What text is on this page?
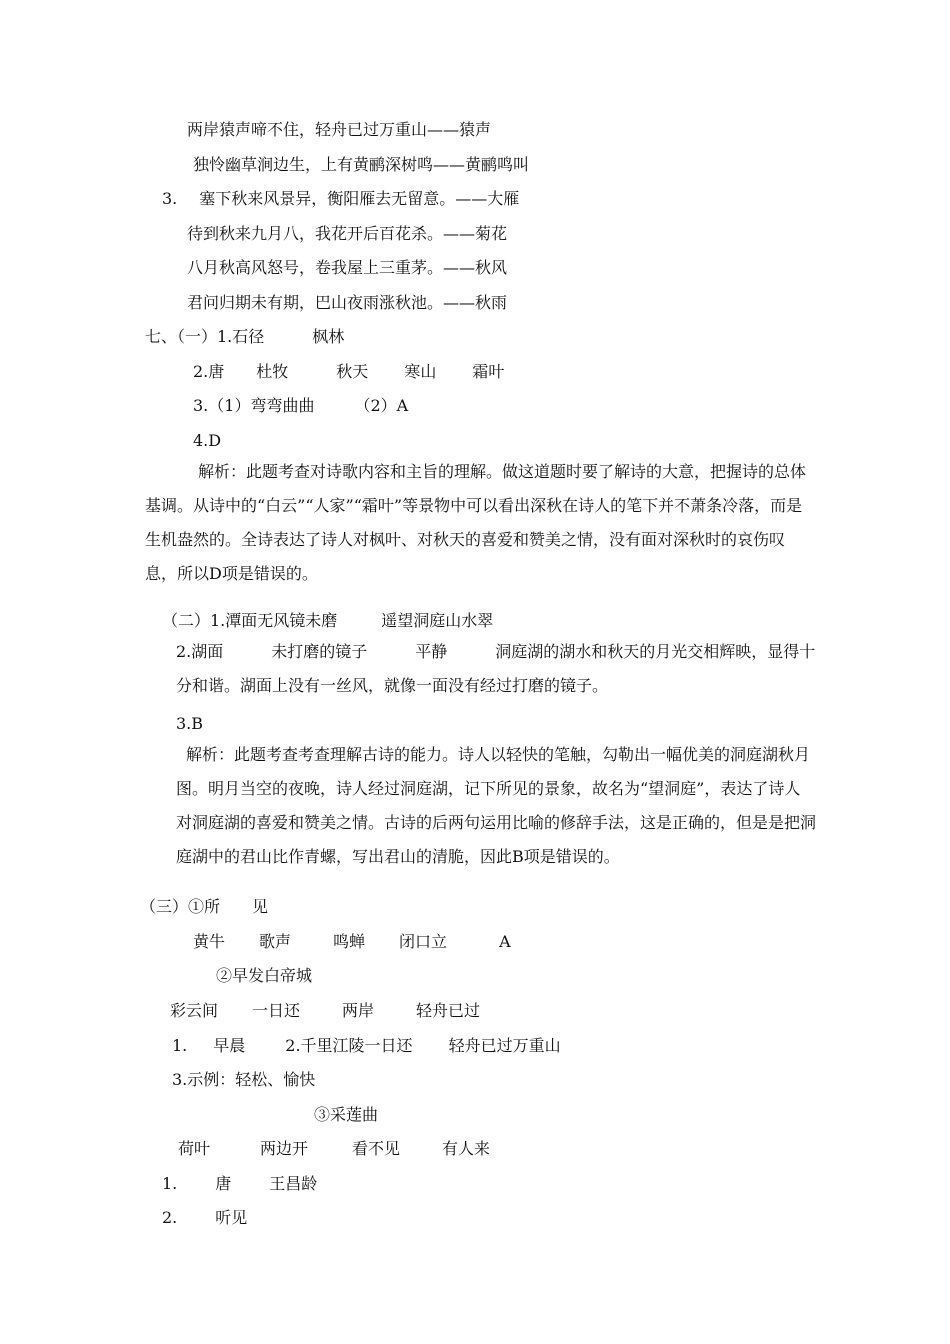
两岸猿声啼不住，轻舟已过万重山——猿声
独怜幽草涧边生，上有黄鹂深树鸣——黄鹂鸣叫
3. 塞下秋来风景异，衡阳雁去无留意。——大雁
待到秋来九月八，我花开后百花杀。——菊花
八月秋高风怒号，卷我屋上三重茅。——秋风
君问归期未有期，巴山夜雨涨秋池。——秋雨
七、（一）1.石径	枫林
2.唐 杜牧	秋天 寒山 霜叶
3.（1）弯弯曲曲	（2）A
4.D
解析：此题考查对诗歌内容和主旨的理解。做这道题时要了解诗的大意，把握诗的总体基调。从诗中的“白云”“人家”“霜叶”等景物中可以看出深秋在诗人的笔下并不萧条冷落，而是生机盎然的。全诗表达了诗人对枫叶、对秋天的喜爱和赞美之情，没有面对深秋时的哀伤叹息，所以D项是错误的。
（二）1.潭面无风镜未磨	遥望洞庭山水翠
2.湖面　　　未打磨的镜子　　　平静　　　洞庭湖的湖水和秋天的月光交相辉映，显得十分和谐。湖面上没有一丝风，就像一面没有经过打磨的镜子。
3.B
解析：此题考查考查理解古诗的能力。诗人以轻快的笔触，勾勒出一幅优美的洞庭湖秋月图。明月当空的夜晚，诗人经过洞庭湖，记下所见的景象，故名为“望洞庭”，表达了诗人对洞庭湖的喜爱和赞美之情。古诗的后两句运用比喻的修辞手法，这是正确的，但是是把洞庭湖中的君山比作青螺，写出君山的清脆，因此B项是错误的。
（三）①所　　见
黄牛 歌声	鸣蝉 闭口立	A
②早发白帝城
彩云间 一日还	两岸	轻舟已过
1. 早晨	2.千里江陵一日还 轻舟已过万重山
3.示例：轻松、愉快
③采莲曲
荷叶	两边开	看不见	有人来
1. 唐 王昌龄
2. 听见
